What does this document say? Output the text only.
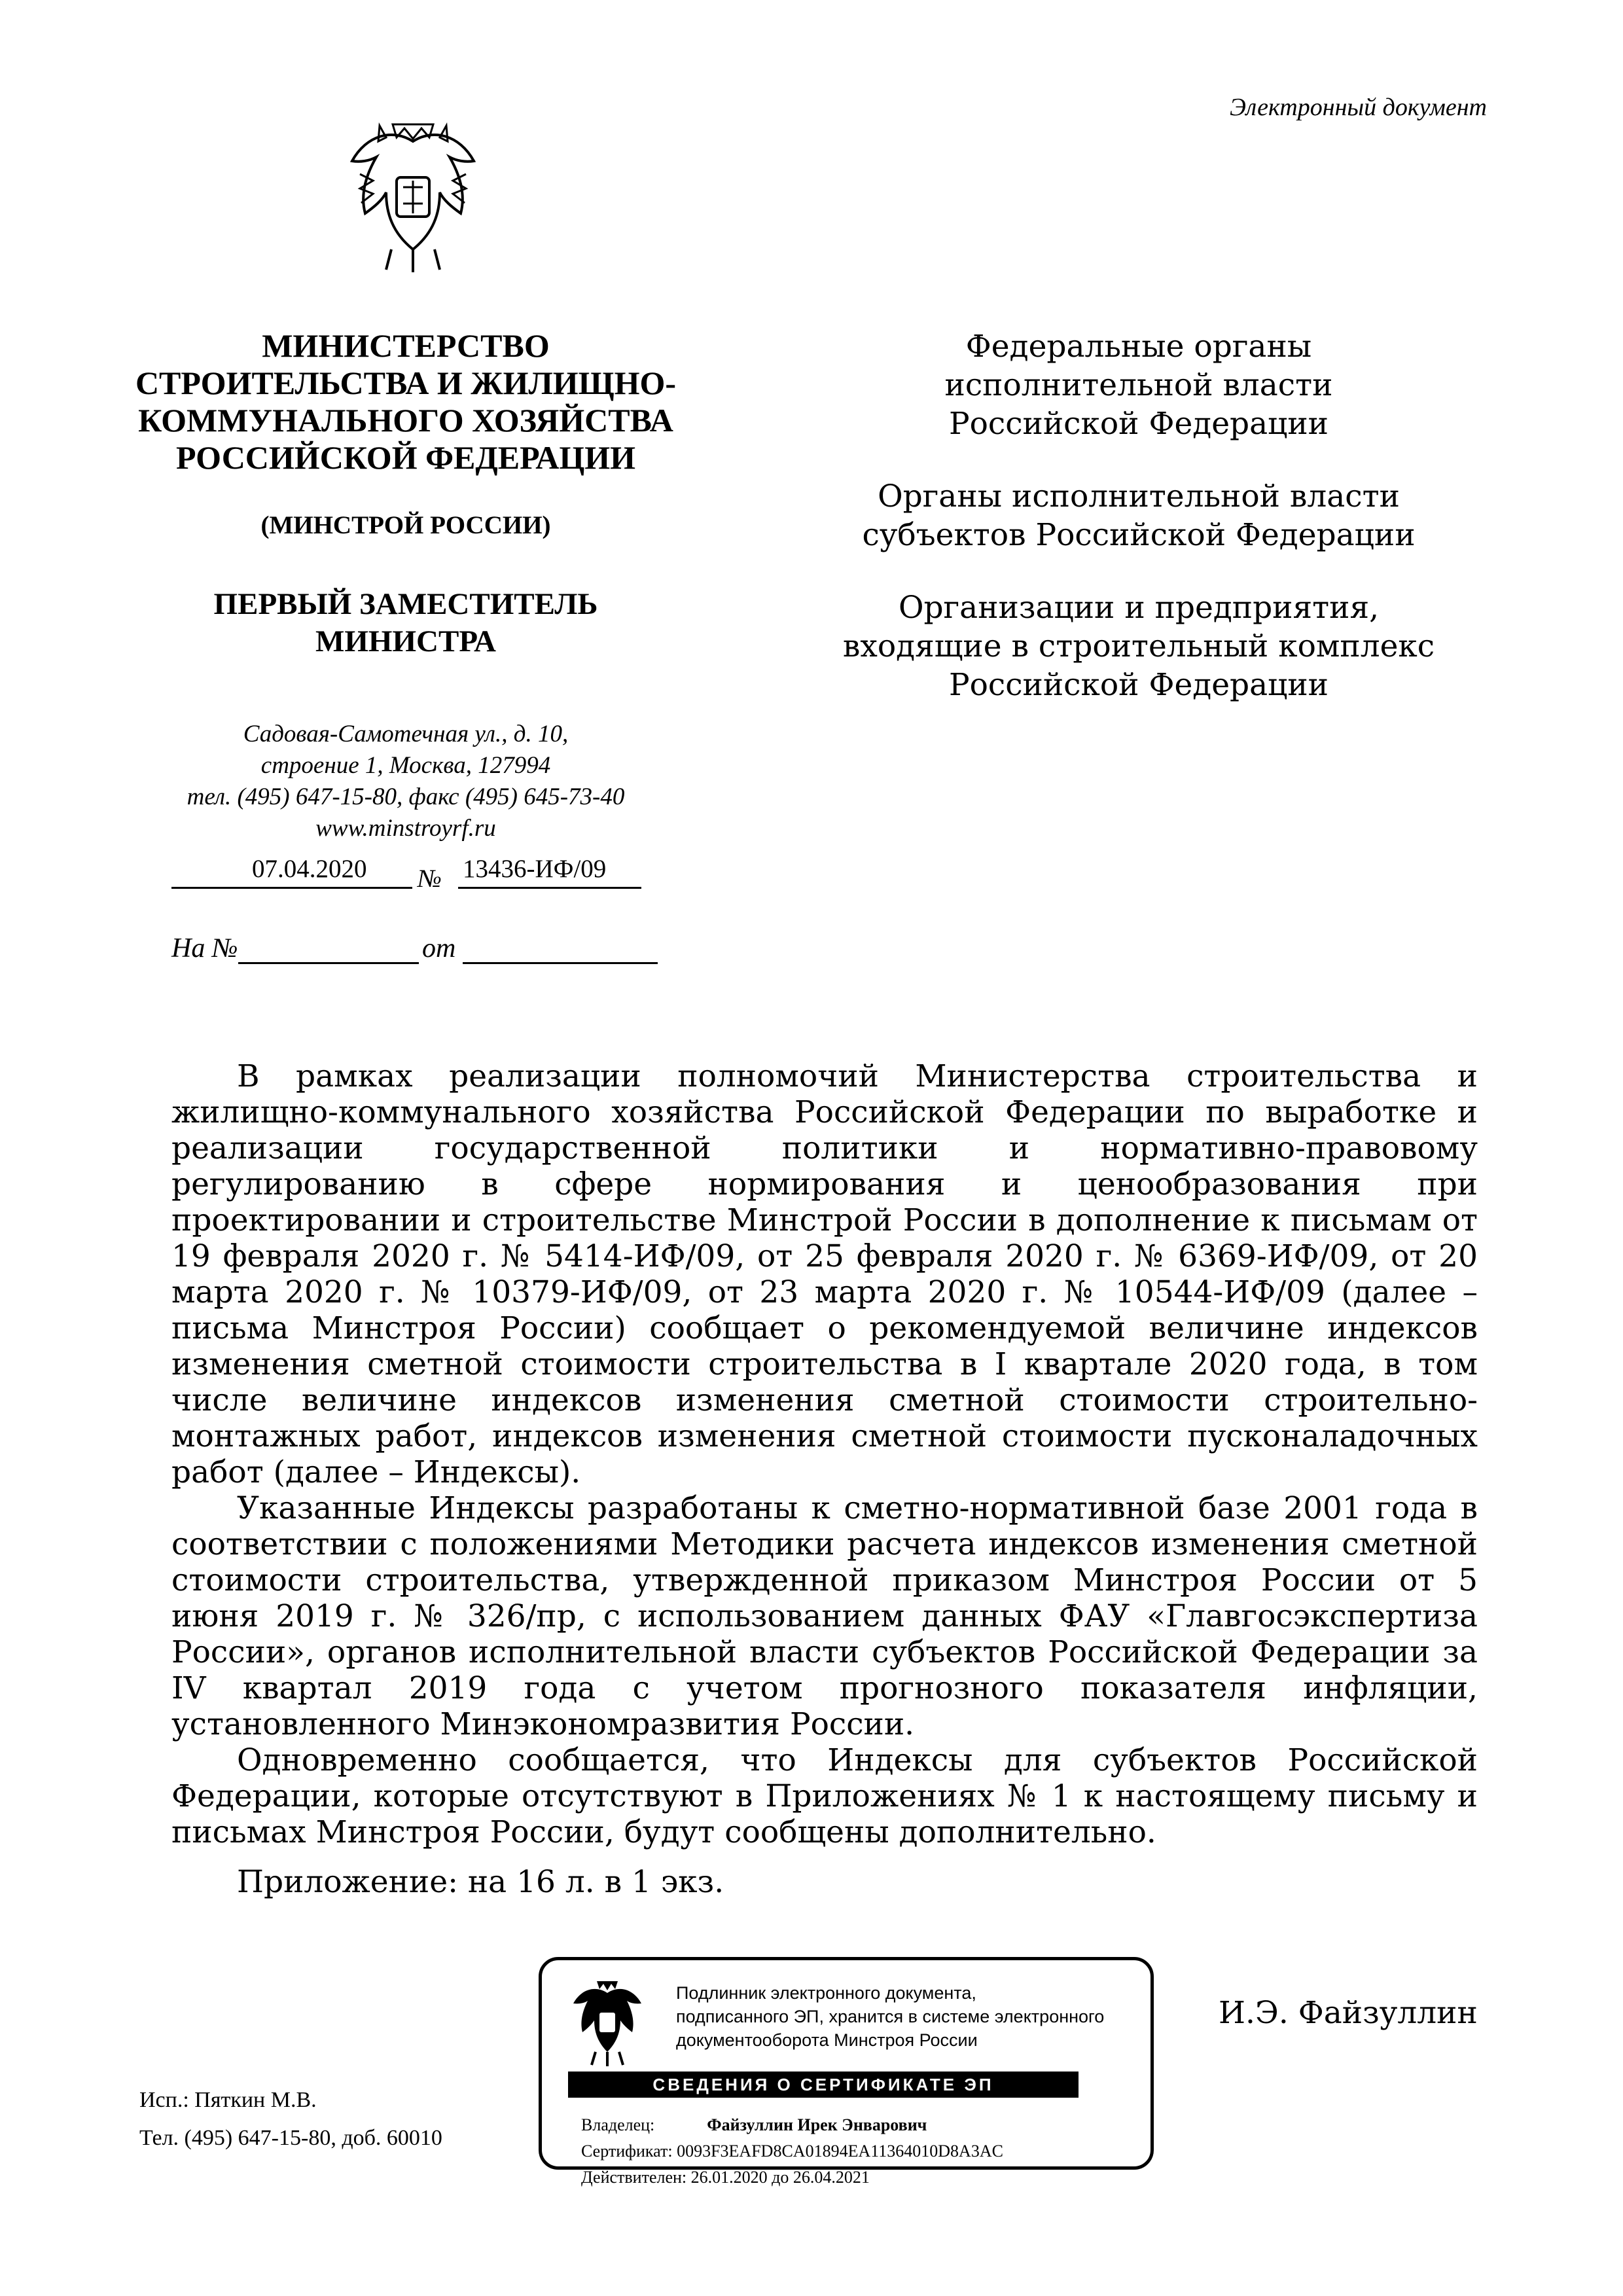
Электронный документ
МИНИСТЕРСТВО
СТРОИТЕЛЬСТВА И ЖИЛИЩНО-
КОММУНАЛЬНОГО ХОЗЯЙСТВА
РОССИЙСКОЙ ФЕДЕРАЦИИ
(МИНСТРОЙ РОССИИ)
ПЕРВЫЙ ЗАМЕСТИТЕЛЬ
МИНИСТРА
Садовая-Самотечная ул., д. 10,
строение 1, Москва, 127994
тел. (495) 647-15-80, факс (495) 645-73-40
www.minstroyrf.ru
07.04.2020 № 13436-ИФ/09
На №	от
Федеральные органы
исполнительной власти
Российской Федерации
Органы исполнительной власти
субъектов Российской Федерации
Организации и предприятия,
входящие в строительный комплекс
Российской Федерации

В рамках реализации полномочий Министерства строительства и жилищно-коммунального хозяйства Российской Федерации по выработке и реализации государственной политики и нормативно-правовому регулированию в сфере нормирования и ценообразования при проектировании и строительстве Минстрой России в дополнение к письмам от 19 февраля 2020 г. № 5414-ИФ/09, от 25 февраля 2020 г. № 6369-ИФ/09, от 20 марта 2020 г. № 10379-ИФ/09, от 23 марта 2020 г. № 10544-ИФ/09 (далее – письма Минстроя России) сообщает о рекомендуемой величине индексов изменения сметной стоимости строительства в I квартале 2020 года, в том числе величине индексов изменения сметной стоимости строительно-монтажных работ, индексов изменения сметной стоимости пусконаладочных работ (далее – Индексы).

Указанные Индексы разработаны к сметно-нормативной базе 2001 года в соответствии с положениями Методики расчета индексов изменения сметной стоимости строительства, утвержденной приказом Минстроя России от 5 июня 2019 г. № 326/пр, с использованием данных ФАУ «Главгосэкспертиза России», органов исполнительной власти субъектов Российской Федерации за IV квартал 2019 года с учетом прогнозного показателя инфляции, установленного Минэкономразвития России.

Одновременно сообщается, что Индексы для субъектов Российской Федерации, которые отсутствуют в Приложениях № 1 к настоящему письму и письмах Минстроя России, будут сообщены дополнительно.

Приложение: на 16 л. в 1 экз.
Подлинник электронного документа,
подписанного ЭП, хранится в системе электронного
документооборота Минстроя России
СВЕДЕНИЯ О СЕРТИФИКАТЕ ЭП
Владелец:	Файзуллин Ирек Энварович
Сертификат: 0093F3EAFD8CA01894EA11364010D8A3AC
Действителен: 26.01.2020 до 26.04.2021
И.Э. Файзуллин
Исп.: Пяткин М.В.
Тел. (495) 647-15-80, доб. 60010
